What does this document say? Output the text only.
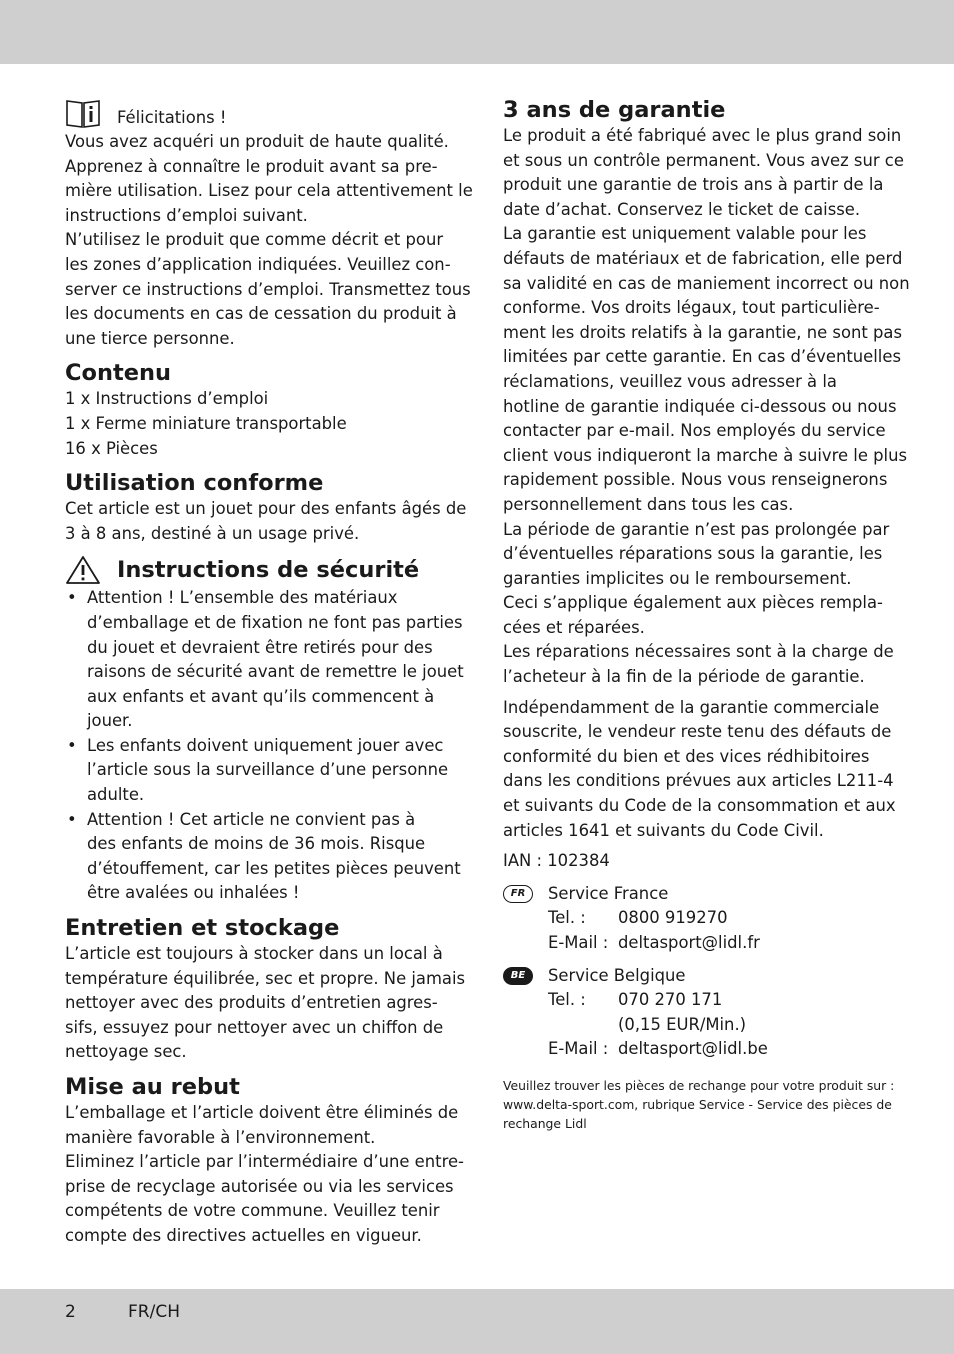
Félicitations !

Vous avez acquéri un produit de haute qualité.

Apprenez à connaître le produit avant sa pre-

mière utilisation. Lisez pour cela attentivement le

instructions d’emploi suivant.

N’utilisez le produit que comme décrit et pour

les zones d’application indiquées. Veuillez con-

server ce instructions d’emploi. Transmettez tous

les documents en cas de cessation du produit à

une tierce personne.

Contenu

1 x Instructions d’emploi

1 x Ferme miniature transportable

16 x Pièces

Utilisation conforme

Cet article est un jouet pour des enfants âgés de

3 à 8 ans, destiné à un usage privé.

Instructions de sécurité

• Attention ! L’ensemble des matériaux

d’emballage et de fixation ne font pas parties

du jouet et devraient être retirés pour des

raisons de sécurité avant de remettre le jouet

aux enfants et avant qu’ils commencent à

jouer.

• Les enfants doivent uniquement jouer avec

l’article sous la surveillance d’une personne

adulte.

• Attention ! Cet article ne convient pas à

des enfants de moins de 36 mois. Risque

d’étouffement, car les petites pièces peuvent

être avalées ou inhalées !

Entretien et stockage

L’article est toujours à stocker dans un local à

température équilibrée, sec et propre. Ne jamais

nettoyer avec des produits d’entretien agres-

sifs, essuyez pour nettoyer avec un chiffon de

nettoyage sec.

Mise au rebut

L’emballage et l’article doivent être éliminés de

manière favorable à l’environnement.

Eliminez l’article par l’intermédiaire d’une entre-

prise de recyclage autorisée ou via les services

compétents de votre commune. Veuillez tenir

compte des directives actuelles en vigueur.

3 ans de garantie

Le produit a été fabriqué avec le plus grand soin

et sous un contrôle permanent. Vous avez sur ce

produit une garantie de trois ans à partir de la

date d’achat. Conservez le ticket de caisse.

La garantie est uniquement valable pour les

défauts de matériaux et de fabrication, elle perd

sa validité en cas de maniement incorrect ou non

conforme. Vos droits légaux, tout particulière-

ment les droits relatifs à la garantie, ne sont pas

limitées par cette garantie. En cas d’éventuelles

réclamations, veuillez vous adresser à la

hotline de garantie indiquée ci-dessous ou nous

contacter par e-mail. Nos employés du service

client vous indiqueront la marche à suivre le plus

rapidement possible. Nous vous renseignerons

personnellement dans tous les cas.

La période de garantie n’est pas prolongée par

d’éventuelles réparations sous la garantie, les

garanties implicites ou le remboursement.

Ceci s’applique également aux pièces rempla-

cées et réparées.

Les réparations nécessaires sont à la charge de

l’acheteur à la fin de la période de garantie.

Indépendamment de la garantie commerciale

souscrite, le vendeur reste tenu des défauts de

conformité du bien et des vices rédhibitoires

dans les conditions prévues aux articles L211-4

et suivants du Code de la consommation et aux

articles 1641 et suivants du Code Civil.

IAN : 102384

FR	Service France

Tel. :	0800 919270
E-Mail : deltasport@lidl.fr
BE	Service Belgique

Tel. :	070 270 171
(0,15 EUR/Min.)
E-Mail : deltasport@lidl.be

Veuillez trouver les pièces de rechange pour votre produit sur :

www.delta-sport.com, rubrique Service - Service des pièces de

rechange Lidl

2	FR/CH
